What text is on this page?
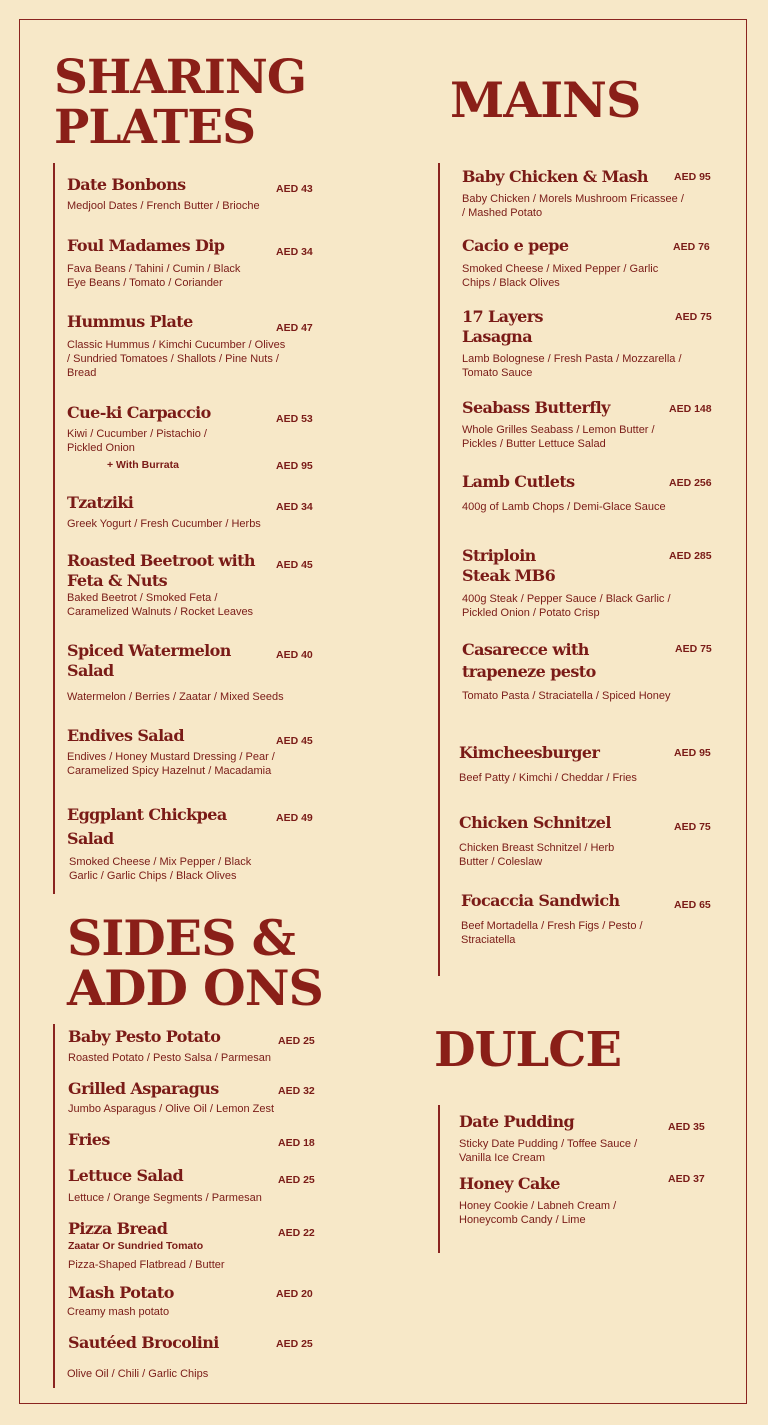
SHARING
PLATES

Date Bonbons

Medjool Dates / French Butter / Brioche

AED 43

Foul Madames Dip

Fava Beans / Tahini / Cumin / Black
Eye Beans / Tomato / Coriander

AED 34

Hummus Plate

Classic Hummus / Kimchi Cucumber / Olives
/ Sundried Tomatoes / Shallots / Pine Nuts /
Bread

AED 47

Cue-ki Carpaccio

Kiwi / Cucumber / Pistachio /
Pickled Onion

+ With Burrata	AED 95
AED 53

Tzatziki

Greek Yogurt / Fresh Cucumber / Herbs

AED 34

Roasted Beetroot with
Feta & Nuts

Baked Beetrot / Smoked Feta /
Caramelized Walnuts / Rocket Leaves

AED 45

Spiced Watermelon
Salad

Watermelon / Berries / Zaatar / Mixed Seeds

AED 40

Endives Salad

Endives / Honey Mustard Dressing / Pear /
Caramelized Spicy Hazelnut / Macadamia

AED 45

Eggplant Chickpea
Salad

Smoked Cheese / Mix Pepper / Black
Garlic / Garlic Chips / Black Olives

AED 49
SIDES &
ADD ONS

Baby Pesto Potato

Roasted Potato / Pesto Salsa / Parmesan

AED 25

Grilled Asparagus

Jumbo Asparagus / Olive Oil / Lemon Zest

AED 32

Fries	AED 18

Lettuce Salad

Lettuce / Orange Segments / Parmesan

AED 25

Pizza Bread

Zaatar Or Sundried Tomato

Pizza-Shaped Flatbread / Butter

AED 22

Mash Potato

Creamy mash potato

AED 20

Sautéed Brocolini

Olive Oil / Chili / Garlic Chips

AED 25
MAINS

Baby Chicken & Mash

Baby Chicken / Morels Mushroom Fricassee /
/ Mashed Potato

AED 95

Cacio e pepe

Smoked Cheese / Mixed Pepper / Garlic
Chips / Black Olives

AED 76

17 Layers
Lasagna

Lamb Bolognese / Fresh Pasta / Mozzarella /
Tomato Sauce

AED 75

Seabass Butterfly

Whole Grilles Seabass / Lemon Butter /
Pickles / Butter Lettuce Salad

AED 148

Lamb Cutlets

400g of Lamb Chops / Demi-Glace Sauce

AED 256

Striploin
Steak MB6

400g Steak / Pepper Sauce / Black Garlic /
Pickled Onion / Potato Crisp

AED 285

Casarecce with
trapeneze pesto

Tomato Pasta / Straciatella / Spiced Honey

AED 75

Kimcheesburger

Beef Patty / Kimchi / Cheddar / Fries

AED 95

Chicken Schnitzel

Chicken Breast Schnitzel / Herb
Butter / Coleslaw

AED 75

Focaccia Sandwich

Beef Mortadella / Fresh Figs / Pesto /
Straciatella

AED 65
DULCE

Date Pudding

Sticky Date Pudding / Toffee Sauce /
Vanilla Ice Cream

AED 35

Honey Cake

Honey Cookie / Labneh Cream /
Honeycomb Candy / Lime

AED 37
